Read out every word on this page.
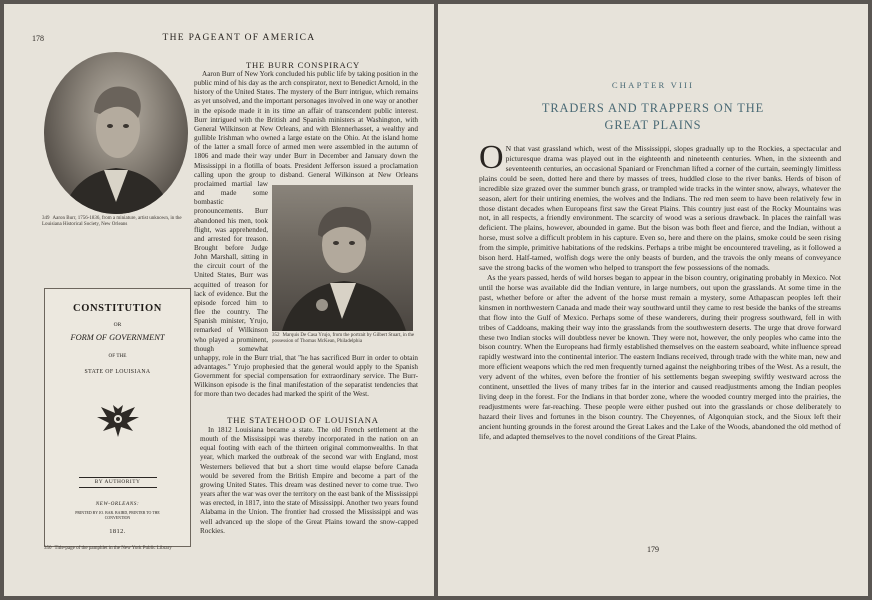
178	THE PAGEANT OF AMERICA
349 Aaron Burr, 1756-1836, from a miniature, artist unknown, in the Louisiana Historical Society, New Orleans
352 Marquis De Casa Yrujo, from the portrait by Gilbert Stuart, in the possession of Thomas McKean, Philadelphia
CONSTITUTION
OR
FORM OF GOVERNMENT
OF THE
STATE OF LOUISIANA
BY AUTHORITY
NEW-ORLEANS:
PRINTED BY JO. BAR. BAIRD, PRINTER TO THE CONVENTION
1812.
350 Title-page of the pamphlet in the New York Public Library
THE BURR CONSPIRACY

Aaron Burr of New York concluded his public life by taking position in the public mind of his day as the arch conspirator, next to Benedict Arnold, in the history of the United States. The mystery of the Burr intrigue, which remains as yet unsolved, and the important personages involved in one way or another in the episode made it in its time an affair of transcendent public interest. Burr intrigued with the British and Spanish ministers at Washington, with General Wilkinson at New Orleans, and with Blennerhasset, a wealthy and gullible Irishman who owned a large estate on the Ohio. At the island home of the latter a small force of armed men were assembled in the autumn of 1806 and made their way under Burr in December and January down the Mississippi in a flotilla of boats. President Jefferson issued a proclamation calling upon the group to disband. General Wilkinson at New Orleans proclaimed martial law and made some bombastic pronouncements. Burr abandoned his men, took flight, was apprehended, and arrested for treason. Brought before Judge John Marshall, sitting in the circuit court of the United States, Burr was acquitted of treason for lack of evidence. But the episode forced him to flee the country. The Spanish minister, Yrujo, remarked of Wilkinson who played a prominent, though somewhat unhappy, role in the Burr trial, that "he has sacrificed Burr in order to obtain advantages." Yrujo prophesied that the general would apply to the Spanish Government for special compensation for extraordinary service. The Burr-Wilkinson episode is the final manifestation of the separatist tendencies that for more than two decades had marked the spirit of the West.

THE STATEHOOD OF LOUISIANA

In 1812 Louisiana became a state. The old French settlement at the mouth of the Mississippi was thereby incorporated in the nation on an equal footing with each of the thirteen original commonwealths. In that year, which marked the outbreak of the second war with England, most Westerners believed that but a short time would elapse before Canada would be severed from the British Empire and become a part of the growing United States. This dream was destined never to come true. Two years after the war was over the territory on the east bank of the Mississippi was erected, in 1817, into the state of Mississippi. Another two years found Alabama in the Union. The frontier had crossed the Mississippi and was well advanced up the slope of the Great Plains toward the snow-capped Rockies.

CHAPTER VIII
TRADERS AND TRAPPERS ON THE
GREAT PLAINS
O N that vast grassland which, west of the Mississippi, slopes gradually up to the Rockies, a spectacular and picturesque drama was played out in the eighteenth and nineteenth centuries. When, in the sixteenth and seventeenth centuries, an occasional Spaniard or Frenchman lifted a corner of the curtain, seemingly limitless plains could be seen, dotted here and there by masses of trees, huddled close to the river banks. Herds of bison of incredible size grazed over the summer bunch grass, or trampled wide tracks in the winter snow, always, whatever the season, alert for their untiring enemies, the wolves and the Indians. The red men seem to have been relatively few in those distant decades when Europeans first saw the Great Plains. This country just east of the Rocky Mountains was not, in all respects, a friendly environment. The scarcity of wood was a serious drawback. In places the rainfall was deficient. The plains, however, abounded in game. But the bison was both fleet and fierce, and the Indian, without a horse, must solve a difficult problem in his capture. Even so, here and there on the plains, smoke could be seen rising from the simple, primitive habitations of the redskins. Perhaps a tribe might be encountered traveling, as it followed a bison herd. Half-tamed, wolfish dogs were the only beasts of burden, and the travois the only means of conveyance save the strong backs of the women who helped to transport the few possessions of the nomads.

As the years passed, herds of wild horses began to appear in the bison country, originating probably in Mexico. Not until the horse was available did the Indian venture, in large numbers, out upon the grasslands. At some time in the past, whether before or after the advent of the horse must remain a mystery, some Athapascan peoples left their kinsmen in northwestern Canada and made their way southward until they came to rest beside the banks of the streams that flow into the Gulf of Mexico. Perhaps some of these wanderers, during their progress southward, fell in with tribes of Caddoans, making their way into the grasslands from the southwestern deserts. The urge that drove forward these two Indian stocks will doubtless never be known. They were not, however, the only peoples who came into the bison country. When the Europeans had firmly established themselves on the eastern seaboard, white influence spread rapidly westward into the continental interior. The eastern Indians received, through trade with the white man, new and more efficient weapons which the red men frequently turned against the neighboring tribes of the West. As a result, the very advent of the whites, even before the frontier of his settlements began sweeping swiftly westward across the continent, unsettled the lives of many tribes far in the interior and caused readjustments among the Indian peoples living deep in the forest. For the Indians in that border zone, where the wooded country merged into the prairies, the readjustments were far-reaching. These people were either pushed out into the grasslands or chose deliberately to hazard their lives and fortunes in the bison country. The Cheyennes, of Algonquian stock, and the Sioux left their ancient hunting grounds in the forest around the Great Lakes and the Lake of the Woods, abandoned the old method of life, and adapted themselves to the novel conditions of the Great Plains.

179
